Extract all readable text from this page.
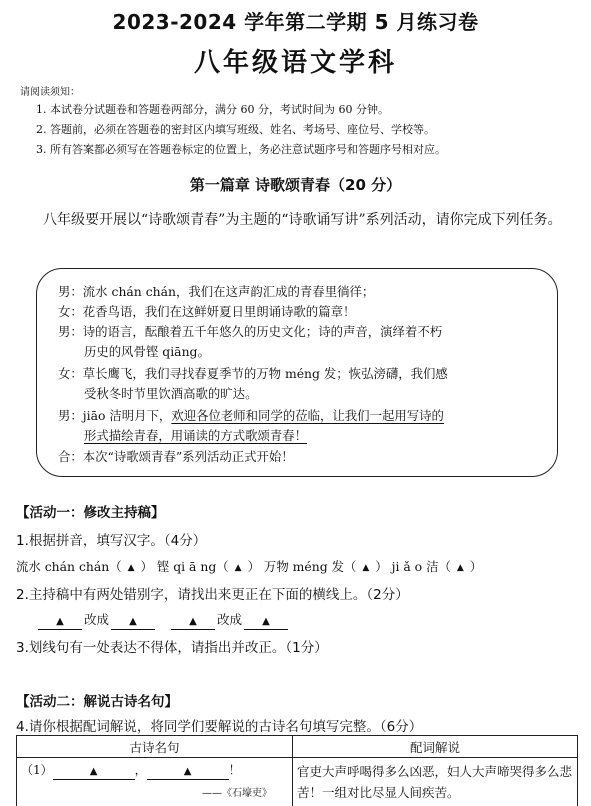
2023-2024 学年第二学期 5 月练习卷
八年级语文学科
请阅读须知：
1. 本试卷分试题卷和答题卷两部分，满分 60 分，考试时间为 60 分钟。
2. 答题前，必须在答题卷的密封区内填写班级、姓名、考场号、座位号、学校等。
3. 所有答案都必须写在答题卷标定的位置上，务必注意试题序号和答题序号相对应。
第一篇章 诗歌颂青春（20 分）
八年级要开展以“诗歌颂青春”为主题的“诗歌诵写讲”系列活动，请你完成下列任务。
男：流水 chán chán，我们在这声韵汇成的青春里徜徉；
女：花香鸟语，我们在这鲜妍夏日里朗诵诗歌的篇章！
男：诗的语言，酝酿着五千年悠久的历史文化；诗的声音，演绎着不朽
历史的风骨铿 qiāng。
女：草长鹰飞，我们寻找春夏季节的万物 méng 发；恢弘滂礴，我们感
受秋冬时节里饮酒高歌的旷达。
男：jiāo 洁明月下，欢迎各位老师和同学的莅临，让我们一起用写诗的
形式描绘青春，用诵读的方式歌颂青春！
合：本次“诗歌颂青春”系列活动正式开始！
【活动一：修改主持稿】
1.根据拼音，填写汉字。（4分）
流水 chán chán（ ▲ ） 铿 qi ā ng（ ▲ ） 万物 méng 发（ ▲ ） ji ǎ o 洁（ ▲ ）
2.主持稿中有两处错别字，请找出来更正在下面的横线上。（2分）
▲ 改成 ▲	▲ 改成 ▲
3.划线句有一处表达不得体，请指出并改正。（1分）
【活动二：解说古诗名句】
4.请你根据配词解说，将同学们要解说的古诗名句填写完整。（6分）
古诗名句	配词解说

（1） ▲ ， ▲ ！
——《石壕吏》	官吏大声呼喝得多么凶恶，妇人大声啼哭得多么悲苦！一组对比尽显人间疾苦。
